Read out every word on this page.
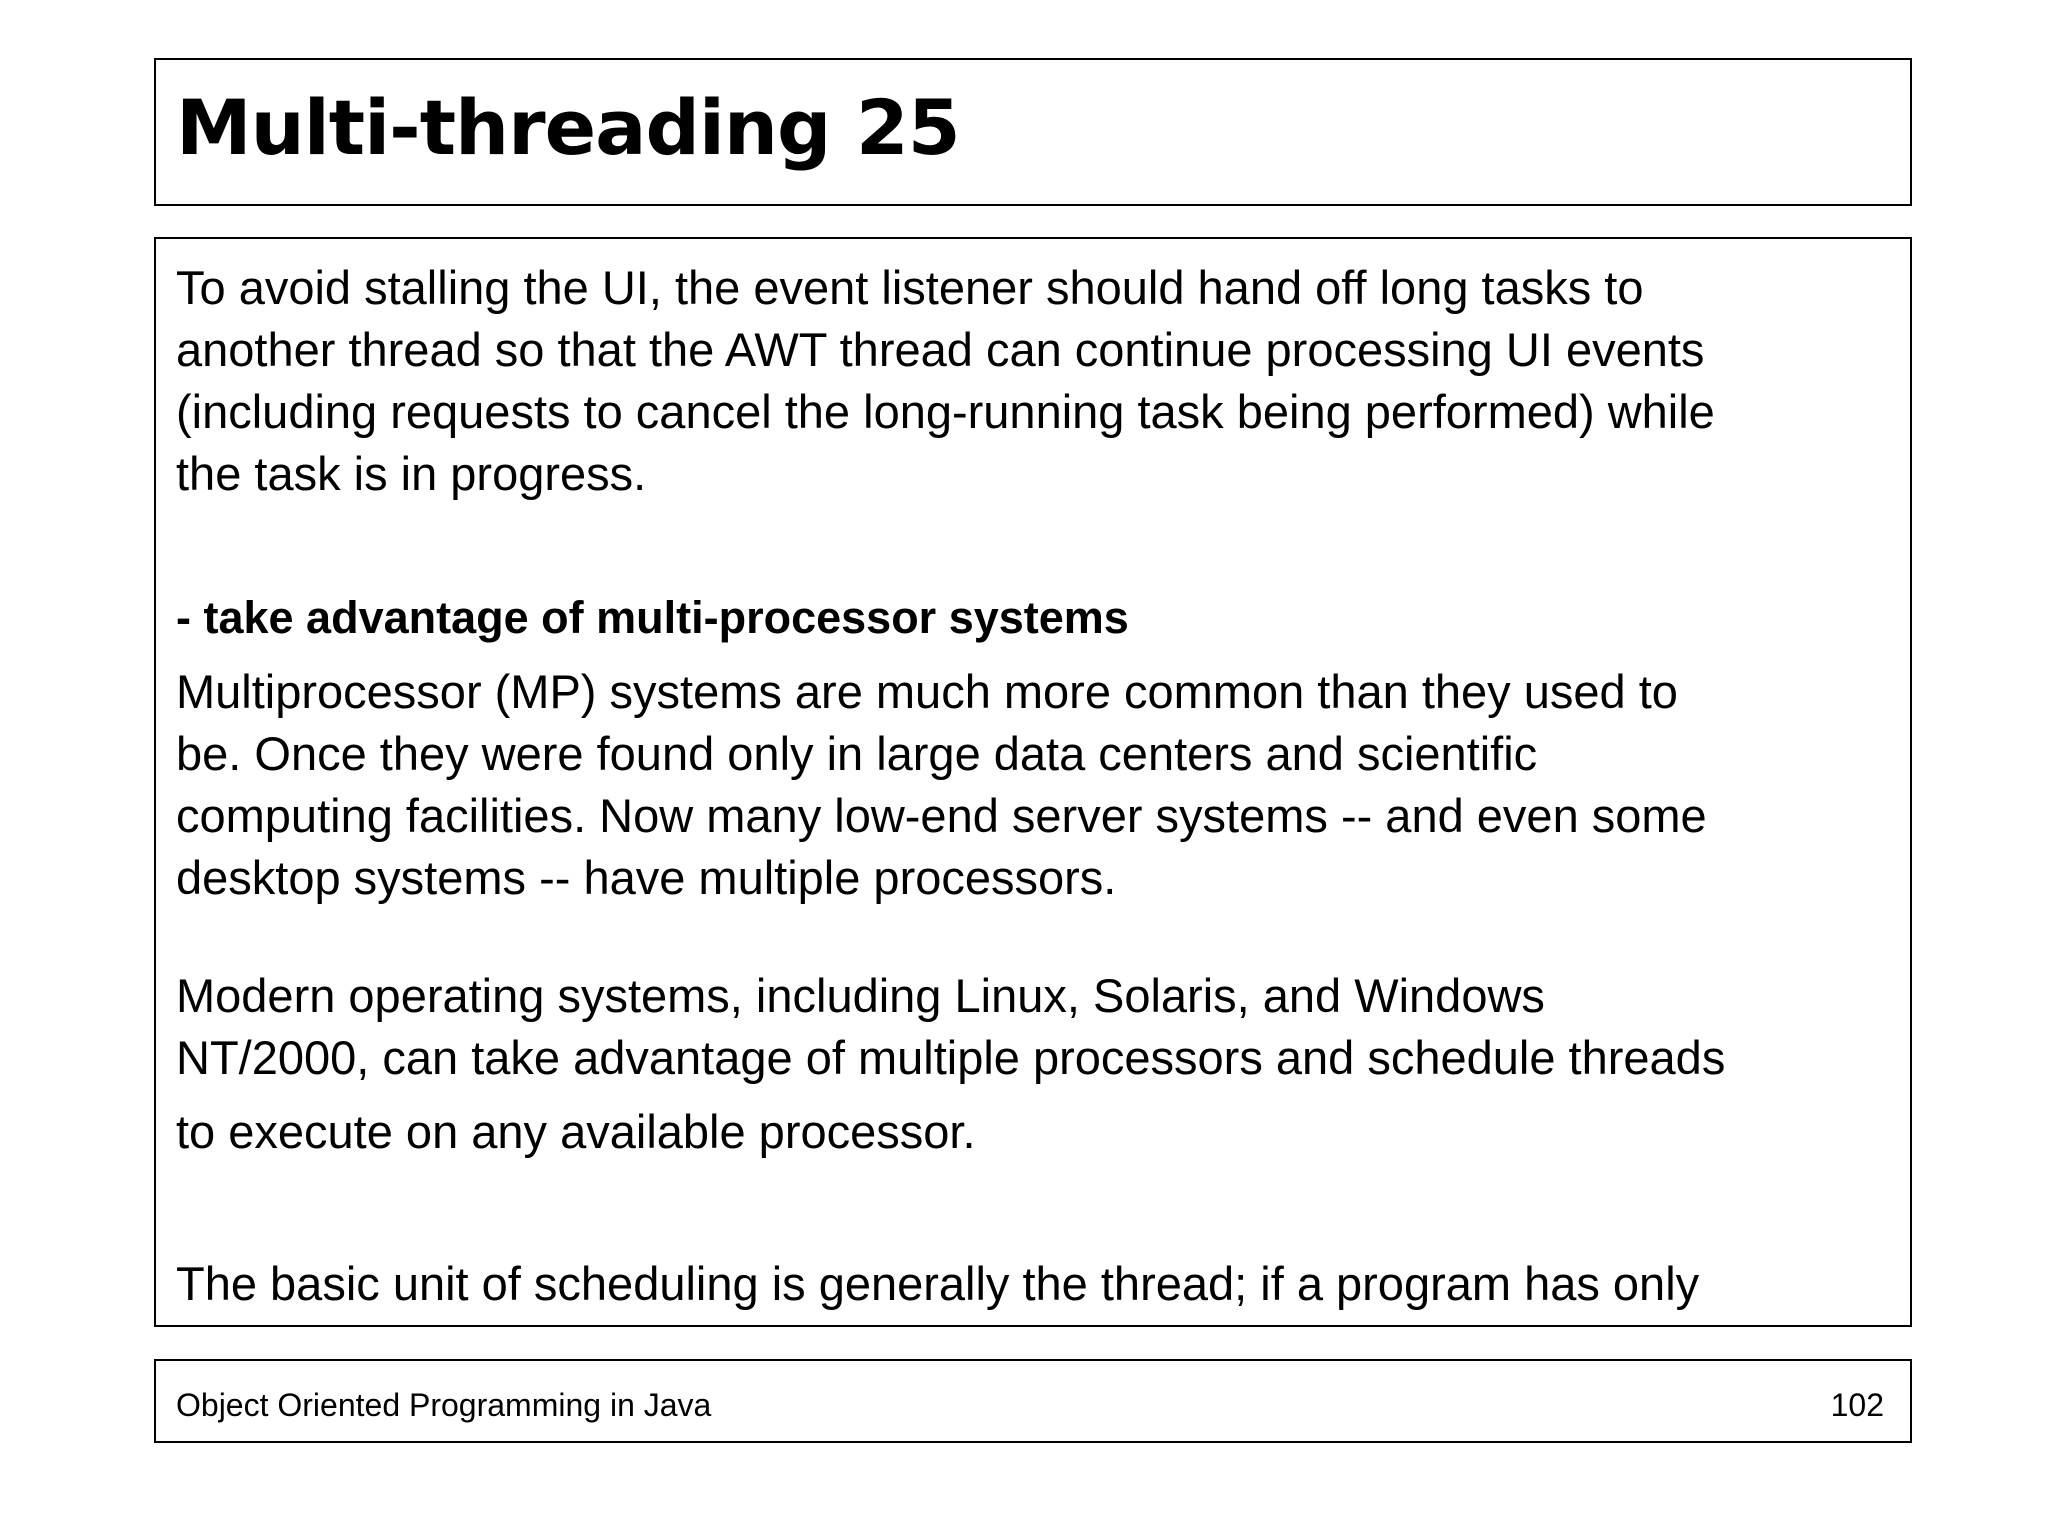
Multi-threading 25

To avoid stalling the UI, the event listener should hand off long tasks to
another thread so that the AWT thread can continue processing UI events
(including requests to cancel the long-running task being performed) while
the task is in progress.

- take advantage of multi-processor systems

Multiprocessor (MP) systems are much more common than they used to
be. Once they were found only in large data centers and scientific
computing facilities. Now many low-end server systems -- and even some
desktop systems -- have multiple processors.

Modern operating systems, including Linux, Solaris, and Windows
NT/2000, can take advantage of multiple processors and schedule threads
to execute on any available processor.

The basic unit of scheduling is generally the thread; if a program has only

Object Oriented Programming in Java	102
